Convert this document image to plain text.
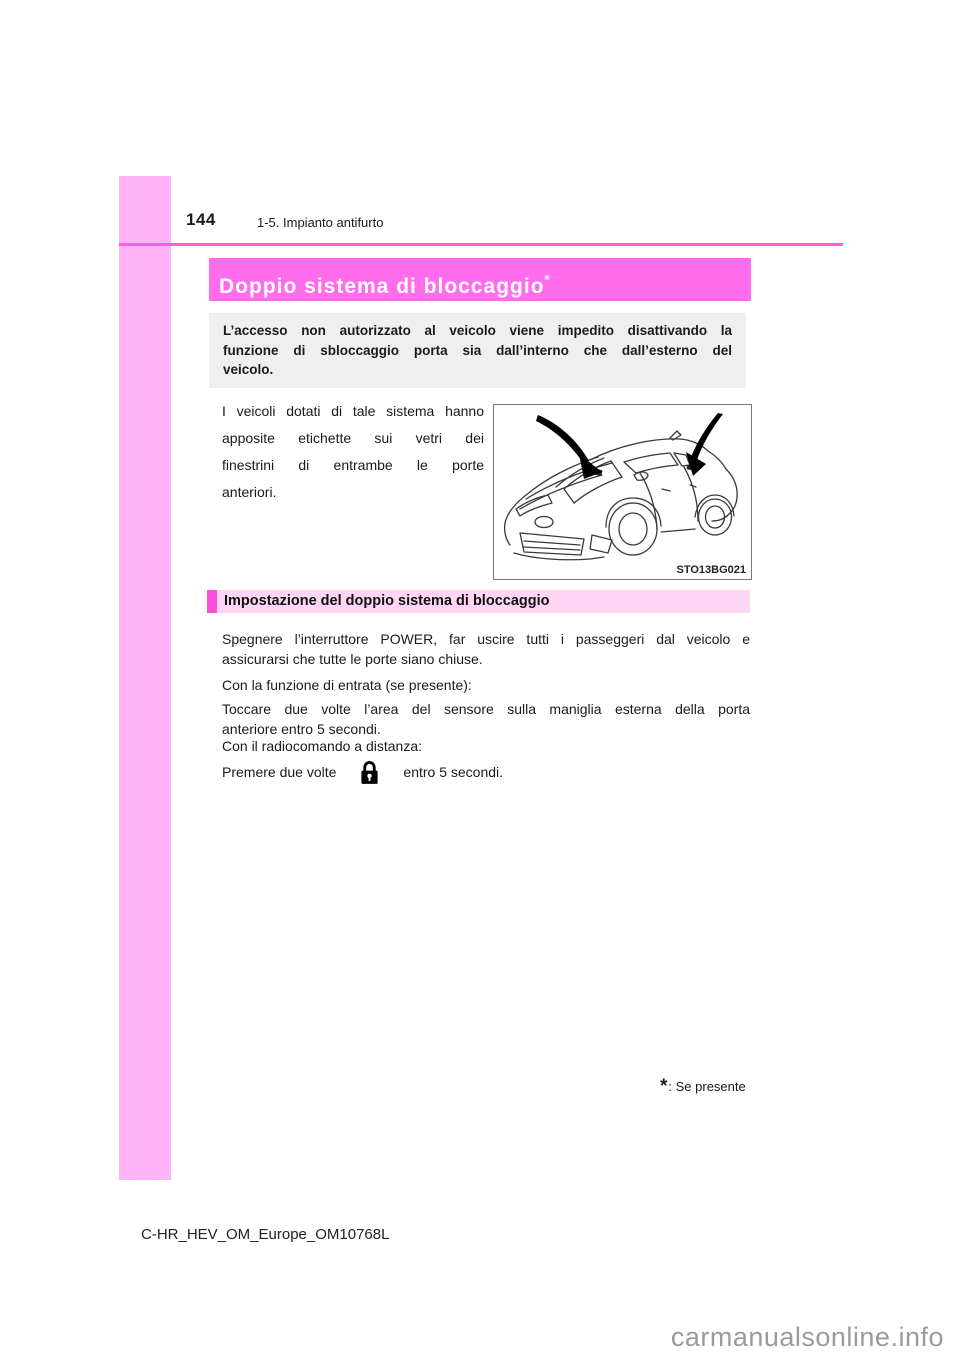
144	1-5. Impianto antifurto
Doppio sistema di bloccaggio*
L’accesso non autorizzato al veicolo viene impedito disattivando la
funzione di sbloccaggio porta sia dall’interno che dall’esterno del
veicolo.
I veicoli dotati di tale sistema hanno
apposite etichette sui vetri dei
finestrini di entrambe le porte
anteriori.
STO13BG021
Impostazione del doppio sistema di bloccaggio
Spegnere l’interruttore POWER, far uscire tutti i passeggeri dal veicolo e
assicurarsi che tutte le porte siano chiuse.
Con la funzione di entrata (se presente):
Toccare due volte l’area del sensore sulla maniglia esterna della porta
anteriore entro 5 secondi.
Con il radiocomando a distanza:
Premere due volte	entro 5 secondi.
* : Se presente
C-HR_HEV_OM_Europe_OM10768L
carmanualsonline.info
